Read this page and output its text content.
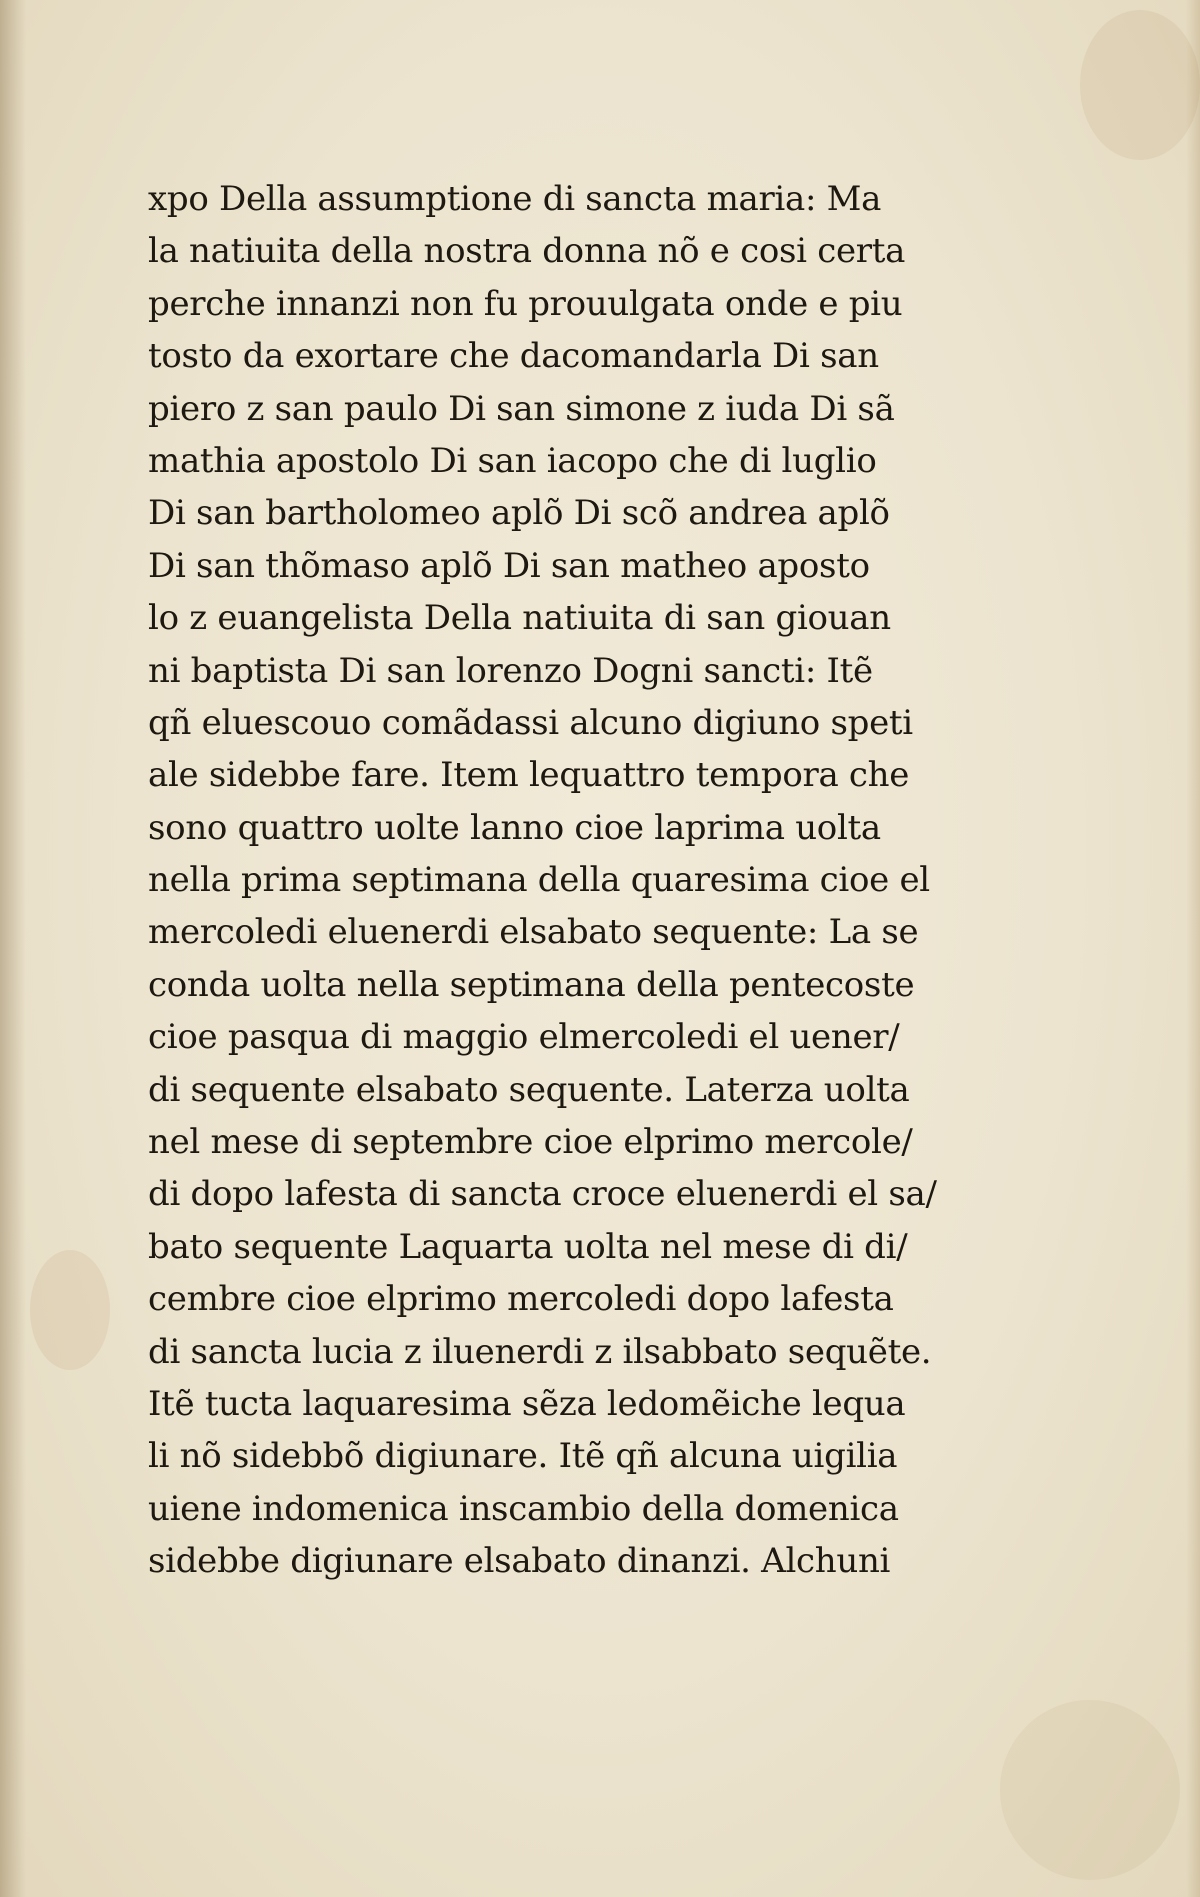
xpo Della assumptione di sancta maria: Ma
la natiuita della nostra donna nõ e cosi certa
perche innanzi non fu prouulgata onde e piu
tosto da exortare che dacomandarla Di san
piero z san paulo Di san simone z iuda Di sã
mathia apostolo Di san iacopo che di luglio
Di san bartholomeo aplõ Di scõ andrea aplõ
Di san thõmaso aplõ Di san matheo aposto
lo z euangelista Della natiuita di san giouan
ni baptista Di san lorenzo Dogni sancti: Itẽ
qñ eluescouo comãdassi alcuno digiuno speti
ale sidebbe fare. Item lequattro tempora che
sono quattro uolte lanno cioe laprima uolta
nella prima septimana della quaresima cioe el
mercoledi eluenerdi elsabato sequente: La se
conda uolta nella septimana della pentecoste
cioe pasqua di maggio elmercoledi el uener/
di sequente elsabato sequente. Laterza uolta
nel mese di septembre cioe elprimo mercole/
di dopo lafesta di sancta croce eluenerdi el sa/
bato sequente Laquarta uolta nel mese di di/
cembre cioe elprimo mercoledi dopo lafesta
di sancta lucia z iluenerdi z ilsabbato sequẽte.
Itẽ tucta laquaresima sẽza ledomẽiche lequa
li nõ sidebbõ digiunare. Itẽ qñ alcuna uigilia
uiene indomenica inscambio della domenica
sidebbe digiunare elsabato dinanzi. Alchuni
